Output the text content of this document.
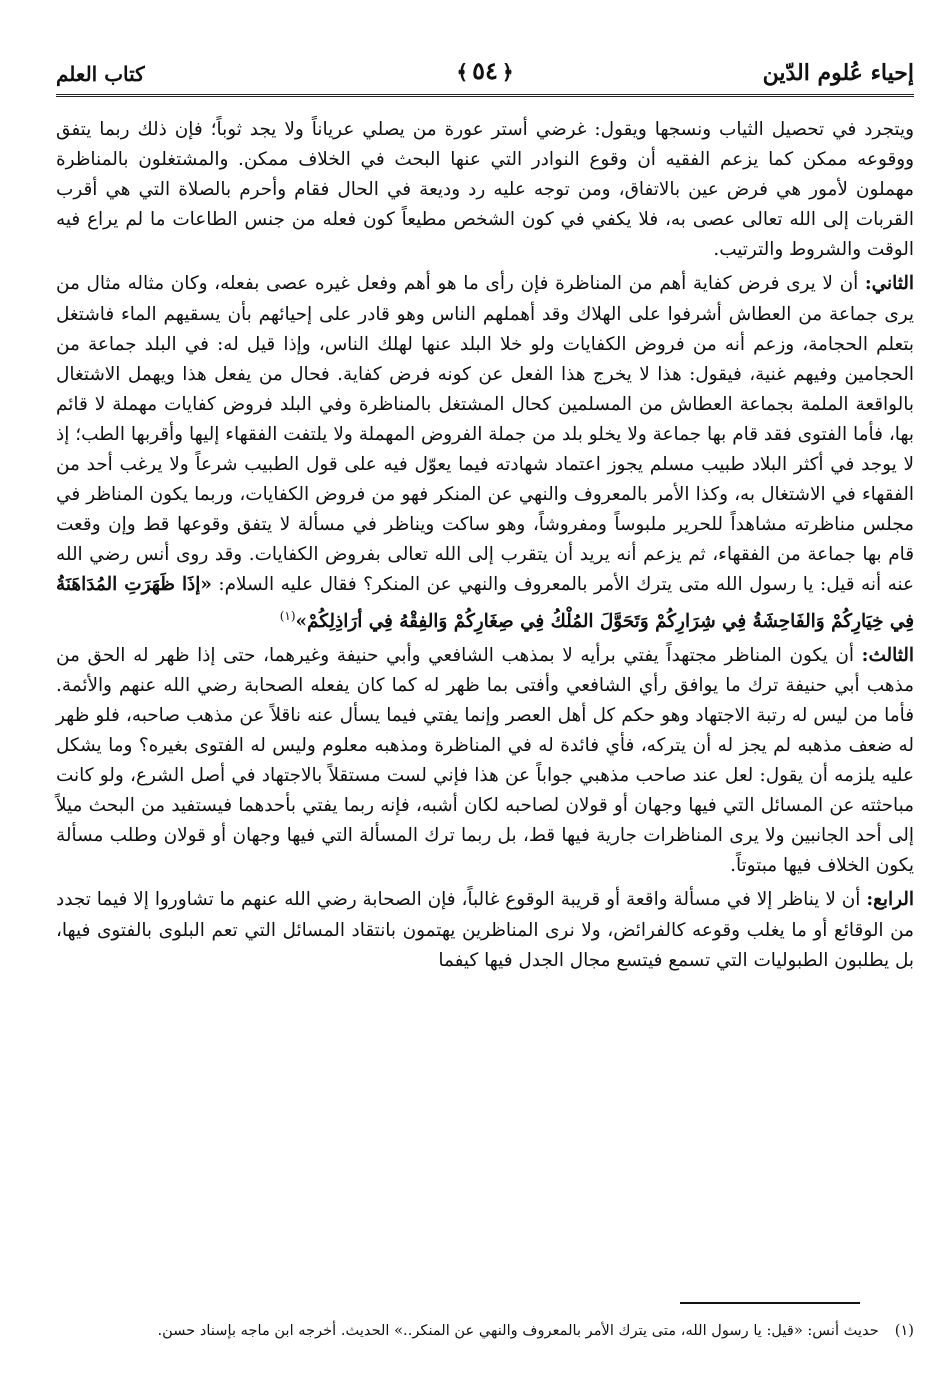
إحياء عُلوم الدّين
﴿٥٤﴾
كتاب العلم

ويتجرد في تحصيل الثياب ونسجها ويقول: غرضي أستر عورة من يصلي عرياناً ولا يجد ثوباً؛ فإن ذلك ربما يتفق ووقوعه ممكن كما يزعم الفقيه أن وقوع النوادر التي عنها البحث في الخلاف ممكن. والمشتغلون بالمناظرة مهملون لأمور هي فرض عين بالاتفاق، ومن توجه عليه رد وديعة في الحال فقام وأحرم بالصلاة التي هي أقرب القربات إلى الله تعالى عصى به، فلا يكفي في كون الشخص مطيعاً كون فعله من جنس الطاعات ما لم يراع فيه الوقت والشروط والترتيب.

الثاني: أن لا يرى فرض كفاية أهم من المناظرة فإن رأى ما هو أهم وفعل غيره عصى بفعله، وكان مثاله مثال من يرى جماعة من العطاش أشرفوا على الهلاك وقد أهملهم الناس وهو قادر على إحيائهم بأن يسقيهم الماء فاشتغل بتعلم الحجامة، وزعم أنه من فروض الكفايات ولو خلا البلد عنها لهلك الناس، وإذا قيل له: في البلد جماعة من الحجامين وفيهم غنية، فيقول: هذا لا يخرج هذا الفعل عن كونه فرض كفاية. فحال من يفعل هذا ويهمل الاشتغال بالواقعة الملمة بجماعة العطاش من المسلمين كحال المشتغل بالمناظرة وفي البلد فروض كفايات مهملة لا قائم بها، فأما الفتوى فقد قام بها جماعة ولا يخلو بلد من جملة الفروض المهملة ولا يلتفت الفقهاء إليها وأقربها الطب؛ إذ لا يوجد في أكثر البلاد طبيب مسلم يجوز اعتماد شهادته فيما يعوّل فيه على قول الطبيب شرعاً ولا يرغب أحد من الفقهاء في الاشتغال به، وكذا الأمر بالمعروف والنهي عن المنكر فهو من فروض الكفايات، وربما يكون المناظر في مجلس مناظرته مشاهداً للحرير ملبوساً ومفروشاً، وهو ساكت ويناظر في مسألة لا يتفق وقوعها قط وإن وقعت قام بها جماعة من الفقهاء، ثم يزعم أنه يريد أن يتقرب إلى الله تعالى بفروض الكفايات. وقد روى أنس رضي الله عنه أنه قيل: يا رسول الله متى يترك الأمر بالمعروف والنهي عن المنكر؟ فقال عليه السلام: «إذَا ظَهَرَتِ المُدَاهَنَةُ فِي خِيَارِكُمْ وَالفَاحِشَةُ فِي شِرَارِكُمْ وَتَحَوَّلَ المُلْكُ فِي صِغَارِكُمْ وَالفِقْهُ فِي أرَاذِلِكُمْ»$^{(١)}$

الثالث: أن يكون المناظر مجتهداً يفتي برأيه لا بمذهب الشافعي وأبي حنيفة وغيرهما، حتى إذا ظهر له الحق من مذهب أبي حنيفة ترك ما يوافق رأي الشافعي وأفتى بما ظهر له كما كان يفعله الصحابة رضي الله عنهم والأئمة. فأما من ليس له رتبة الاجتهاد وهو حكم كل أهل العصر وإنما يفتي فيما يسأل عنه ناقلاً عن مذهب صاحبه، فلو ظهر له ضعف مذهبه لم يجز له أن يتركه، فأي فائدة له في المناظرة ومذهبه معلوم وليس له الفتوى بغيره؟ وما يشكل عليه يلزمه أن يقول: لعل عند صاحب مذهبي جواباً عن هذا فإني لست مستقلاً بالاجتهاد في أصل الشرع، ولو كانت مباحثته عن المسائل التي فيها وجهان أو قولان لصاحبه لكان أشبه، فإنه ربما يفتي بأحدهما فيستفيد من البحث ميلاً إلى أحد الجانبين ولا يرى المناظرات جارية فيها قط، بل ربما ترك المسألة التي فيها وجهان أو قولان وطلب مسألة يكون الخلاف فيها مبتوتاً.

الرابع: أن لا يناظر إلا في مسألة واقعة أو قريبة الوقوع غالباً، فإن الصحابة رضي الله عنهم ما تشاوروا إلا فيما تجدد من الوقائع أو ما يغلب وقوعه كالفرائض، ولا نرى المناظرين يهتمون بانتقاد المسائل التي تعم البلوى بالفتوى فيها، بل يطلبون الطبوليات التي تسمع فيتسع مجال الجدل فيها كيفما

(١)حديث أنس: «قيل: يا رسول الله، متى يترك الأمر بالمعروف والنهي عن المنكر..» الحديث. أخرجه ابن ماجه بإسناد حسن.
